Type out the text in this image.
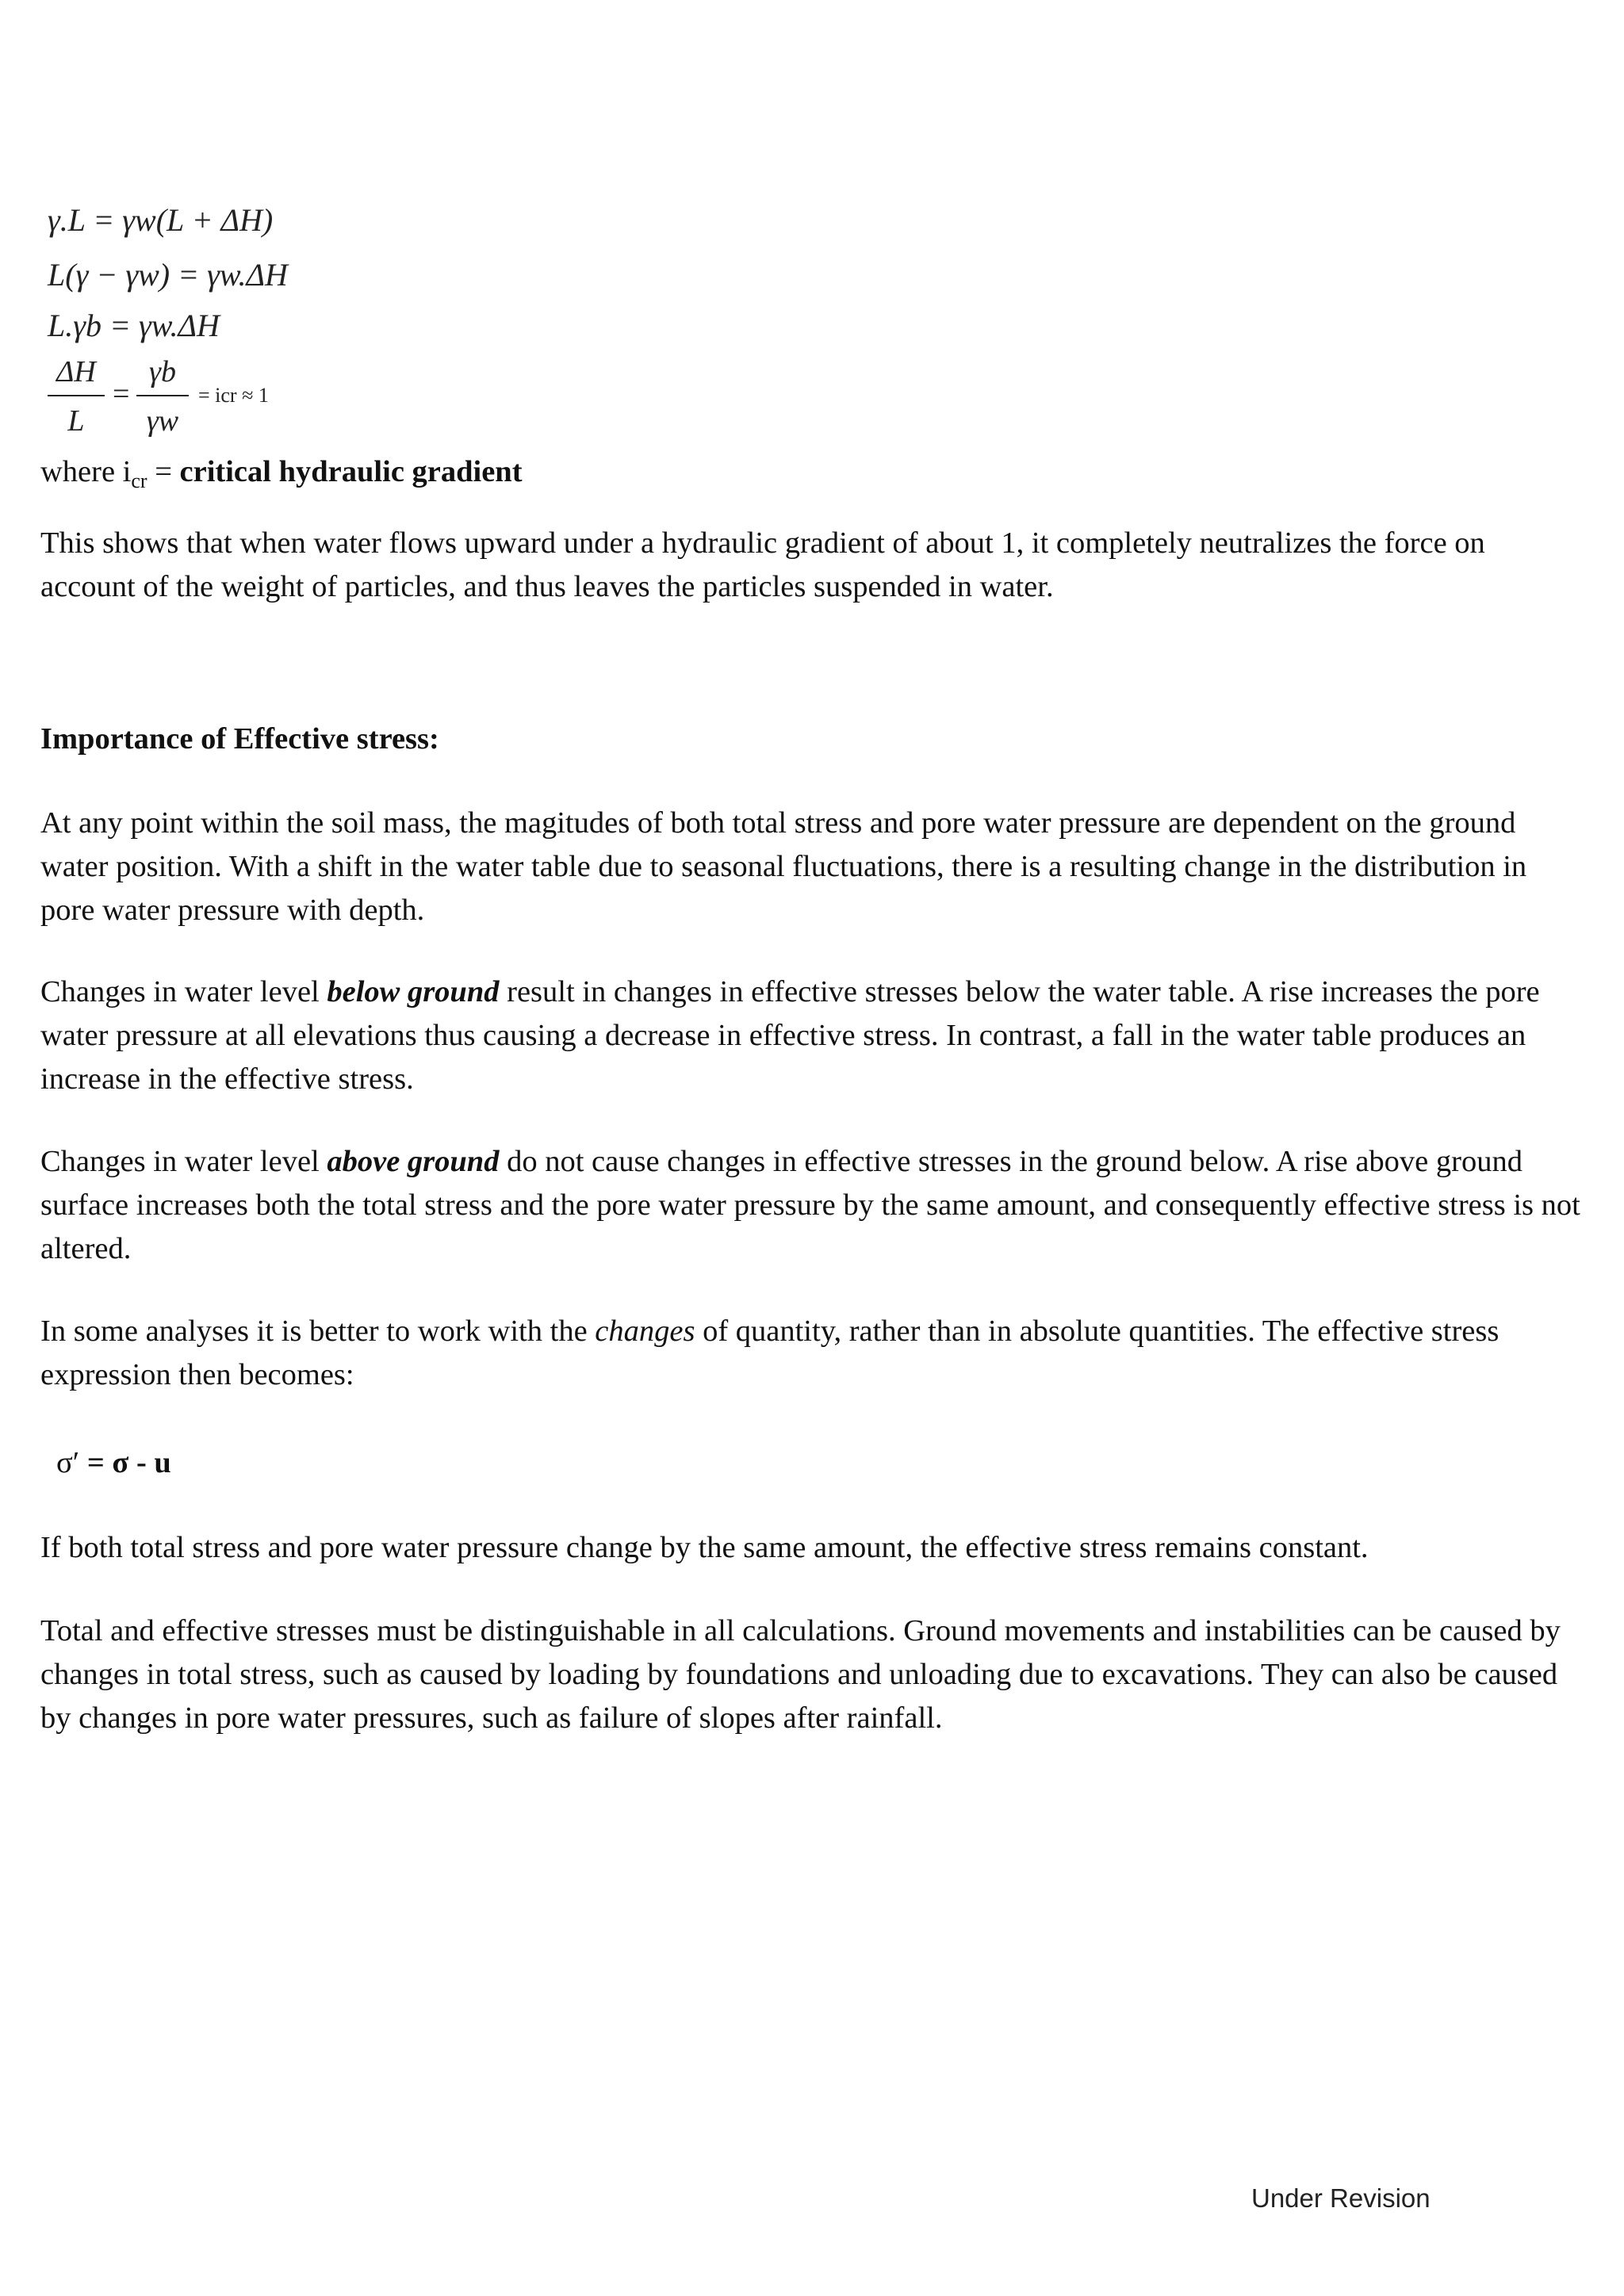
γ.L = γw(L + ΔH)
L(γ − γw) = γw.ΔH
L.γb = γw.ΔH
ΔH
L
=
γb
γw
= icr ≈ 1
where $i_{cr}$ = critical hydraulic gradient
This shows that when water flows upward under a hydraulic gradient of about 1, it completely neutralizes the force on account of the weight of particles, and thus leaves the particles suspended in water.
Importance of Effective stress:
At any point within the soil mass, the magitudes of both total stress and pore water pressure are dependent on the ground water position. With a shift in the water table due to seasonal fluctuations, there is a resulting change in the distribution in pore water pressure with depth.
Changes in water level below ground result in changes in effective stresses below the water table. A rise increases the pore water pressure at all elevations thus causing a decrease in effective stress. In contrast, a fall in the water table produces an increase in the effective stress.
Changes in water level above ground do not cause changes in effective stresses in the ground below. A rise above ground surface increases both the total stress and the pore water pressure by the same amount, and consequently effective stress is not altered.
In some analyses it is better to work with the changes of quantity, rather than in absolute quantities. The effective stress expression then becomes:
σ′ = σ - u
If both total stress and pore water pressure change by the same amount, the effective stress remains constant.
Total and effective stresses must be distinguishable in all calculations. Ground movements and instabilities can be caused by changes in total stress, such as caused by loading by foundations and unloading due to excavations. They can also be caused by changes in pore water pressures, such as failure of slopes after rainfall.
Under Revision
